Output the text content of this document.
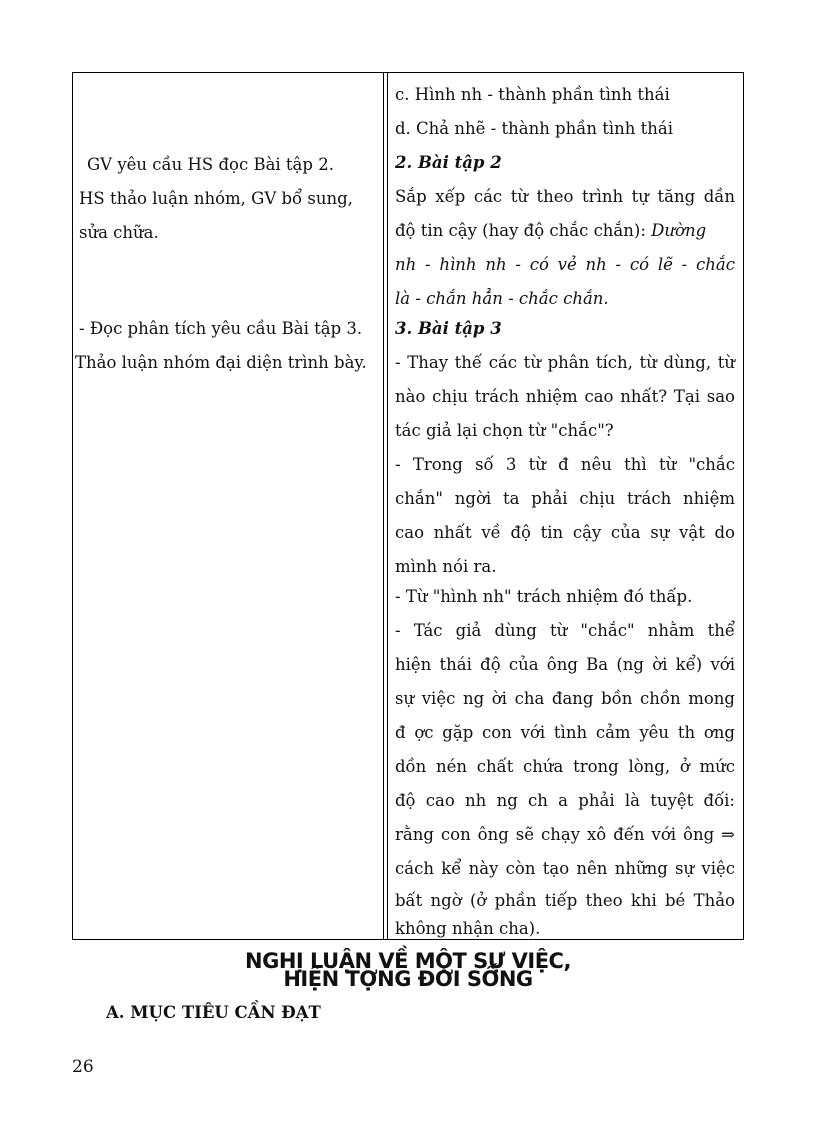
GV yêu cầu HS đọc Bài tập 2.
HS thảo luận nhóm, GV bổ sung,
sửa chữa.
- Đọc phân tích yêu cầu Bài tập 3.
Thảo luận nhóm đại diện trình bày.
c. Hình nh - thành phần tình thái
d. Chả nhẽ - thành phần tình thái
2. Bài tập 2
Sắp xếp các từ theo trình tự tăng dần
độ tin cậy (hay độ chắc chắn): Dường
nh - hình nh - có vẻ nh - có lẽ - chắc
là - chắn hẳn - chắc chắn.
3. Bài tập 3
- Thay thế các từ phân tích, từ dùng, từ
nào chịu trách nhiệm cao nhất? Tại sao
tác giả lại chọn từ "chắc"?
- Trong số 3 từ đ nêu thì từ "chắc
chắn" ngời ta phải chịu trách nhiệm
cao nhất về độ tin cậy của sự vật do
mình nói ra.
- Từ "hình nh" trách nhiệm đó thấp.
- Tác giả dùng từ "chắc" nhằm thể
hiện thái độ của ông Ba (ng ời kể) với
sự việc ng ời cha đang bồn chồn mong
đ ợc gặp con với tình cảm yêu th ơng
dồn nén chất chứa trong lòng, ở mức
độ cao nh ng ch a phải là tuyệt đối:
rằng con ông sẽ chạy xô đến với ông ⇒
cách kể này còn tạo nên những sự việc
bất ngờ (ở phần tiếp theo khi bé Thảo
không nhận cha).
NGHỊ LUẬN VỀ MỘT SỰ VIỆC,
HIỆN TỢNG ĐỜI SỐNG
A. MỤC TIÊU CẦN ĐẠT
26
